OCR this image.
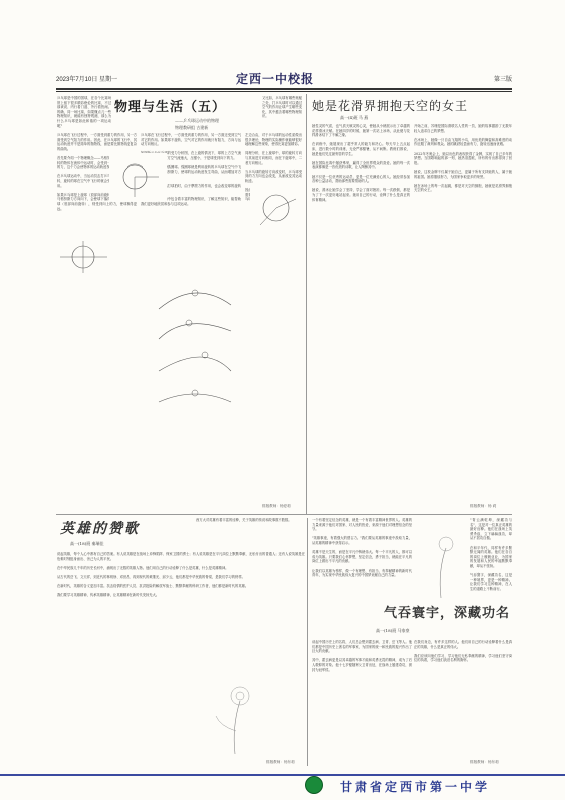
2023年7月10日 星期一	定西一中校报	第三版
乒乓球是中国的国球，在各个比赛场馆上留下很多精彩绝伦的比赛，不过那该说、内行看门道、外行看热闹。的确，同一场比赛，如果懂点儿一些物理知识，就能有独特观测，那么为什么乒乓球是如此和谐的一项运动呢？
物理与生活（五）
——乒乓球运动中的物理
物理教研组 古建新
又比如，乒乓球有哪些奥秘之处，打乒乓球时可以通过空气的作用让球产生哪些变化，其中蕴含着哪些物理知识。
乒乓球在飞行过程中，一方面受到重力的作用，另一方面受到空气阻力的作用。因此，在乒乓球的飞行中，其运动轨迹并不是简单的抛物线，而是要比抛物线更复杂的曲线。

首先要介绍一个物理概念——马格努斯效应。当一个旋转的物体在流体中运动时，会受到一个垂直于运动方向的力，这个力会使物体的运动轨迹发生偏转。

在乒乓球运动中，当运动员击打乒乓球时，使球产生旋转，旋转的球在空气中飞行时就会受到马格努斯力的作用。

如果乒乓球是上旋球（顶部向前旋转），那么它受到的马格努斯力方向向下，会使球下落得更快；如果是下旋球（底部向前旋转），则受到向上的力，使球飘得更远。
乒乓球在飞行过程中，一方面受到重力的作用，另一方面还受到空气对它的作用。如果球不旋转，空气对它的作用就只有阻力，方向与运动方向相反。

如图所示为乒乓球的受力分析图，在上旋的情况下，球的上方空气流速小，压强大，下方空气流速大，压强小，于是球受到向下的力。

再说一说乒乓球的弧圈球。弧圈球就是利用旋转的乒乓球在空气中飞行时所受到的马格努斯力，使球的运动轨迹发生弯曲，从而增加对方接球的难度。

另外，乒乓球在击打球拍时，由于摩擦力的作用，也会改变球的旋转状态。

总之，乒乓球运动中包含着丰富的物理知识，了解这些知识，能帮助我们更好地欣赏和参与这项运动。
左边合由，对于乒乓球的运动性质做出很多理论，物理的实际操作就能够很好地理解这些现象，使得比赛更加精彩。

同理分析，在上旋球中，球的旋转方向与其前进方向相同，而在下旋球中，二者方向相反。

当乒乓球的旋转方向改变时，乒乓球受到的力方向也会改变，从而改变其运动轨迹。

因此，一个优秀的乒乓球运动员，不仅需要有很强的体能和技术，还需要对乒乓球的运动规律有深刻的理解。
排版教师：杨爱莉
她是花滑界拥抱天空的女王
高一(4)班 马 燕
她性灵的气质，也气质天赋灵的心灵，使她从小就展示出了卓越的花样滑冰天赋。在她四岁的时候，她第一次站上冰场，从此便与花样滑冰结下了不解之缘。

在训练中，她展现出了超乎常人的毅力和决心。每天早上五点起床，进行数小时的训练，无论严寒酷暑，从不间断。教练们都说，她是他们见过最刻苦的学生。

她在国际比赛中屡获殊荣，赢得了全世界观众的喜爱。她的每一次表演都像是一首优美的诗歌，让人陶醉其中。

她不仅是一位优秀的运动员，更是一位充满爱心的人。她经常参加各种公益活动，帮助那些需要帮助的人。

她说，滑冰让她学会了坚持，学会了面对挫折。每一次跌倒，都是为了下一次更好地站起来。她用自己的行动，诠释了什么是真正的体育精神。
开始之前，苏珊是国际滑联名人堂的一员，她的故事激励了无数年轻人追求自己的梦想。

在冰场上，她像一只自由飞翔的小鸟，用优美的舞姿和高难度的动作征服了裁判和观众。她的跳跃轻盈而有力，旋转迅速而优雅。

2022年冬奥会上，她以出色的表现获得了金牌，实现了自己多年的梦想。当国歌响起的那一刻，她热泪盈眶，所有的付出都得到了回报。

她说，这枚金牌不仅属于她自己，更属于所有支持她的人，属于她的祖国。她将继续努力，为国家争取更多的荣誉。

她在冰场上的每一次起跳，都是对天空的拥抱，她就是花滑界拥抱天空的女王。
排版教师：杨 莉
英雄的赞歌
高一(18)班 秦瑞佳
西方大对英雄有着丰富的诠释，关于英雄的传说和故事数不胜数。
说起英雄，每个人心中都有自己的答案。有人说英雄是在战场上冲锋陷阵、保家卫国的勇士；有人说英雄是在平凡岗位上默默奉献、无私付出的普通人；还有人说英雄是在危难时刻挺身而出、舍己为人的平民。

在中华民族几千年的历史长河中，涌现出了无数的英雄人物。他们用自己的行动诠释了什么是英雄，什么是英雄精神。

从古代的岳飞、文天祥，到近代的林则徐、邓世昌，再到现代的黄继光、邱少云，他们都是中华民族的脊梁，是我们学习的榜样。

在新时代，英雄的含义更加丰富。抗击疫情的医护人员、抗洪抢险的解放军战士、默默奉献的科研工作者，他们都是新时代的英雄。

我们要学习英雄精神，传承英雄精神，让英雄精神在新时代发扬光大。
排版教师：杨东莉
一个有着坚定信念的英雄，就是一个有着丰富精神世界的人。英雄的力量来源于他们对国家、对人民的热爱，来源于他们对理想信念的坚守。

"英雄事迹，有着强大的感召力。"我们要从英雄的事迹中汲取力量，从英雄的精神中获得启示。

英雄不是天生的，而是在平凡中铸就伟大。每一个平凡的人，都可以成为英雄。只要我们心怀梦想，坚定信念，勇于担当，就能在平凡的岗位上做出不平凡的贡献。

让我们以英雄为榜样，做一个有理想、有担当、有奉献精神的新时代青年，为实现中华民族伟大复兴的中国梦贡献自己的力量。
"青云满乾坤，深藏功与名"，这是对一位真正英雄的最好诠释。他们在战场上英勇杀敌，立下赫赫战功，却从不居功自傲。

在和平年代，同样有许多默默无闻的英雄。他们在各自的岗位上兢兢业业，为国家的发展和人民的幸福默默奉献，却从不张扬。

气吞寰宇，深藏功名，这是一种境界，更是一种精神。让我们学习这种精神，在人生的道路上不断前行。
气吞寰宇，深藏功名
高一(18)班 马家豪
谈起中国历史上的名将，人们总会想到霍去病、卫青、岳飞等人。他们都是中国历史上著名的军事家，为国家的统一和民族的振兴作出了巨大的贡献。

其中，霍去病更是以其卓越的军事才能和英勇无畏的精神，成为了后人敬仰的对象。他十七岁便随舅父卫青出征，在战场上屡建奇功，被封为冠军侯。
在我们身边，有许多这样的人。他们用自己的行动诠释着什么是真正的英雄，什么是真正的伟大。

我们应该向他们学习，学习他们无私奉献的精神，学习他们坚守岗位的执着，学习他们淡泊名利的胸怀。
排版教师：杨东莉
甘肃省定西市第一中学
